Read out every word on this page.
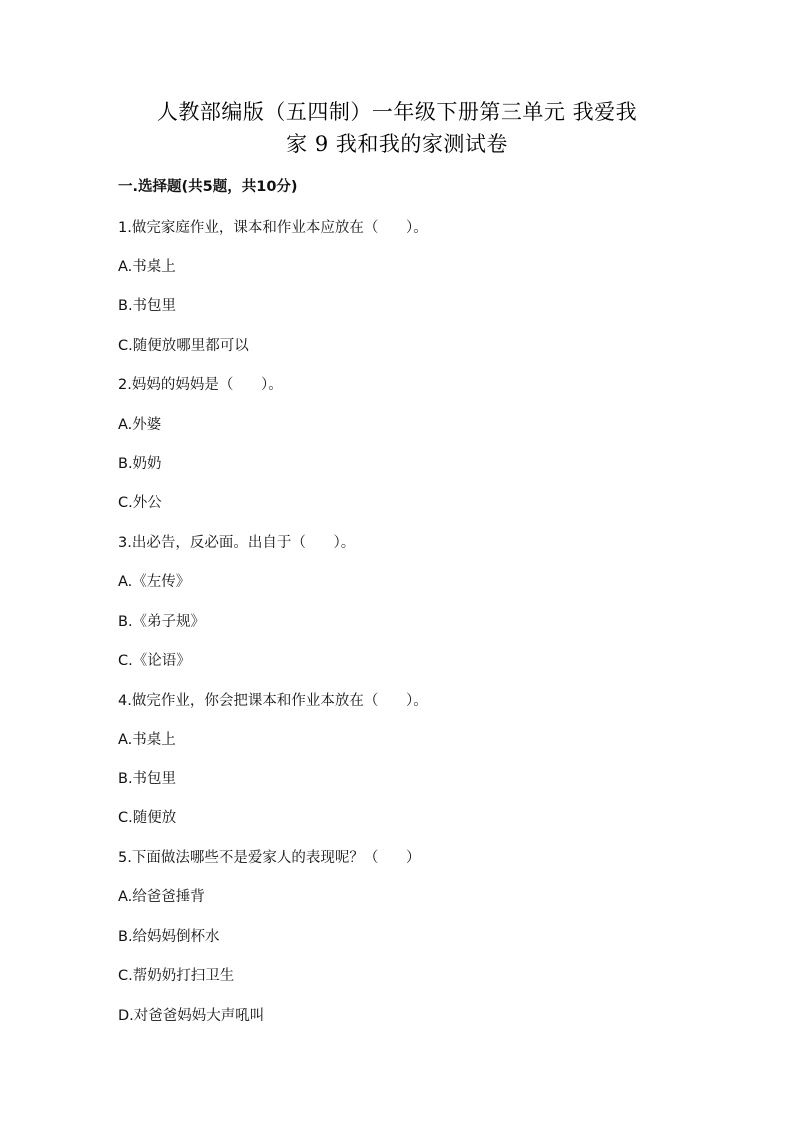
人教部编版（五四制）一年级下册第三单元 我爱我
家 9 我和我的家测试卷
一.选择题(共5题，共10分)
1.做完家庭作业，课本和作业本应放在（      ）。
A.书桌上
B.书包里
C.随便放哪里都可以
2.妈妈的妈妈是（      ）。
A.外婆
B.奶奶
C.外公
3.出必告，反必面。出自于（      ）。
A.《左传》
B.《弟子规》
C.《论语》
4.做完作业，你会把课本和作业本放在（      ）。
A.书桌上
B.书包里
C.随便放
5.下面做法哪些不是爱家人的表现呢？（      ）
A.给爸爸捶背
B.给妈妈倒杯水
C.帮奶奶打扫卫生
D.对爸爸妈妈大声吼叫
